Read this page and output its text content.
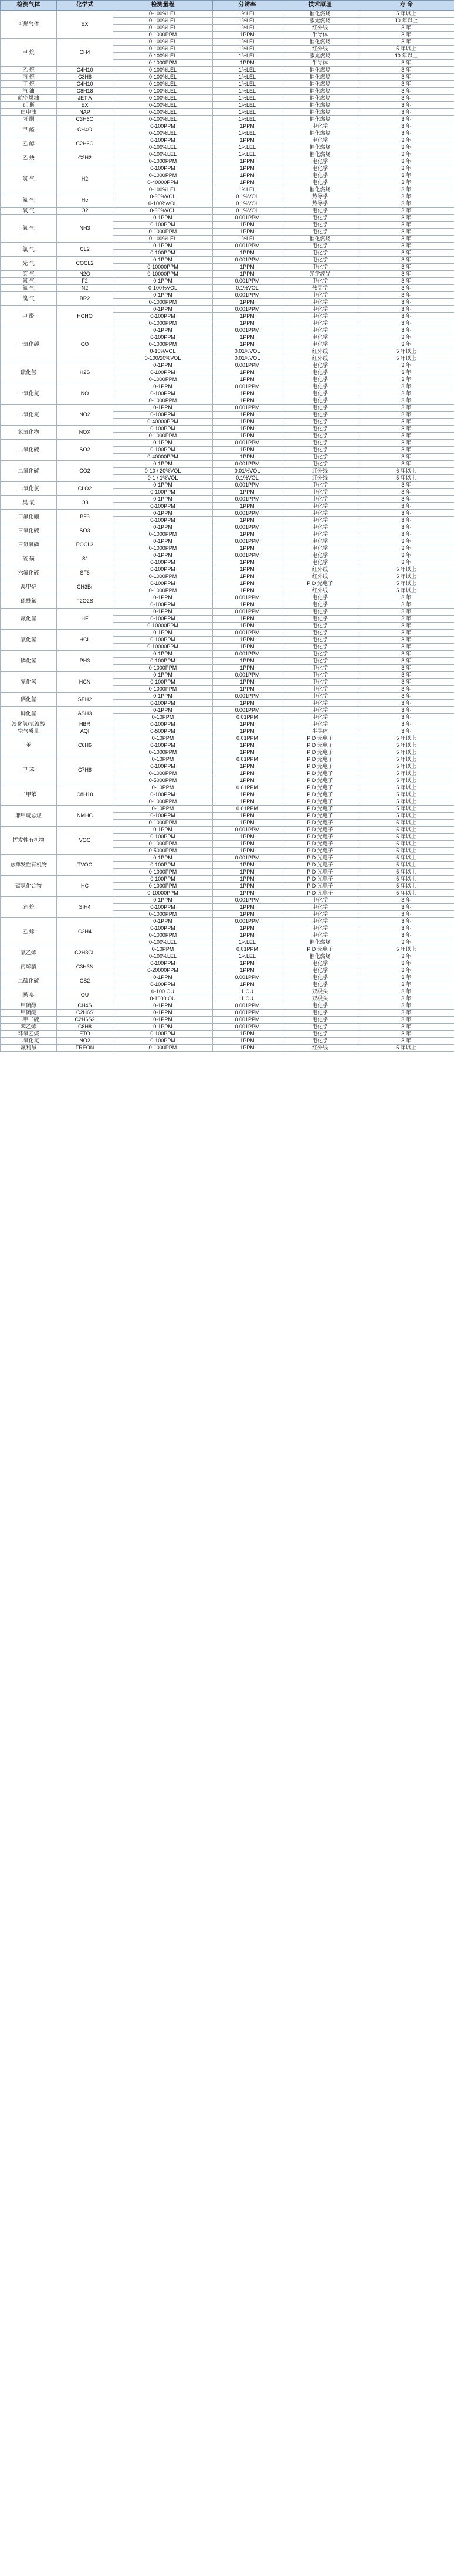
检测气体	化学式	检测量程	分辨率	技术原理	寿 命
可燃气体	EX	0-100%LEL	1%LEL	催化燃烧	5 年以上
		0-100%LEL	1%LEL	激光燃烧	10 年以上
		0-100%LEL	1%LEL	红外线	3 年
		0-1000PPM	1PPM	半导体	3 年
甲 烷	CH4	0-100%LEL	1%LEL	催化燃烧	3 年
		0-100%LEL	1%LEL	红外线	5 年以上
		0-100%LEL	1%LEL	激光燃烧	10 年以上
		0-1000PPM	1PPM	半导体	3 年
乙 烷	C4H10	0-100%LEL	1%LEL	催化燃烧	3 年
丙 烷	C3H8	0-100%LEL	1%LEL	催化燃烧	3 年
丁 烷	C4H10	0-100%LEL	1%LEL	催化燃烧	3 年
汽 油	C8H18	0-100%LEL	1%LEL	催化燃烧	3 年
航空煤油	JET A	0-100%LEL	1%LEL	催化燃烧	3 年
瓦 斯	EX	0-100%LEL	1%LEL	催化燃烧	3 年
白电油	NAP	0-100%LEL	1%LEL	催化燃烧	3 年
丙 酮	C3H6O	0-100%LEL	1%LEL	催化燃烧	3 年
甲 醛	CH4O	0-100PPM	1PPM	电化学	3 年
		0-100%LEL	1%LEL	催化燃烧	3 年
乙 醇	C2H6O	0-100PPM	1PPM	电化学	3 年
		0-100%LEL	1%LEL	催化燃烧	3 年
乙 炔	C2H2	0-100%LEL	1%LEL	催化燃烧	3 年
		0-1000PPM	1PPM	电化学	3 年
氢 气	H2	0-100PPM	1PPM	电化学	3 年
		0-1000PPM	1PPM	电化学	3 年
		0-40000PPM	1PPM	电化学	3 年
		0-100%LEL	1%LEL	催化燃烧	3 年
氦 气	He	0-30%VOL	0.1%VOL	热导学	3 年
		0-100%VOL	0.1%VOL	热导学	3 年
氧 气	O2	0-30%VOL	0.1%VOL	电化学	3 年
氨 气	NH3	0-1PPM	0.001PPM	电化学	3 年
		0-100PPM	1PPM	电化学	3 年
		0-1000PPM	1PPM	电化学	3 年
		0-100%LEL	1%LEL	催化燃烧	3 年
氯 气	CL2	0-1PPM	0.001PPM	电化学	3 年
		0-100PPM	1PPM	电化学	3 年
光 气	COCL2	0-1PPM	0.001PPM	电化学	3 年
		0-10000PPM	1PPM	电化学	3 年
笑 气	N2O	0-10000PPM	1PPM	光学波导	3 年
氟 气	F2	0-1PPM	0.001PPM	电化学	3 年
氮 气	N2	0-100%VOL	0.1%VOL	热导学	3 年
溴 气	BR2	0-1PPM	0.001PPM	电化学	3 年
		0-1000PPM	1PPM	电化学	3 年
甲 醛	HCHO	0-1PPM	0.001PPM	电化学	3 年
		0-100PPM	1PPM	电化学	3 年
		0-1000PPM	1PPM	电化学	3 年
一氧化碳	CO	0-1PPM	0.001PPM	电化学	3 年
		0-100PPM	1PPM	电化学	3 年
		0-1000PPM	1PPM	电化学	3 年
		0-10%VOL	0.01%VOL	红外线	5 年以上
		0-100/20%VOL	0.01%VOL	红外线	5 年以上
硫化氢	H2S	0-1PPM	0.001PPM	电化学	3 年
		0-100PPM	1PPM	电化学	3 年
		0-1000PPM	1PPM	电化学	3 年
一氧化氮	NO	0-1PPM	0.001PPM	电化学	3 年
		0-100PPM	1PPM	电化学	3 年
		0-1000PPM	1PPM	电化学	3 年
二氧化氮	NO2	0-1PPM	0.001PPM	电化学	3 年
		0-100PPM	1PPM	电化学	3 年
		0-40000PPM	1PPM	电化学	3 年
氮氧化物	NOX	0-100PPM	1PPM	电化学	3 年
		0-1000PPM	1PPM	电化学	3 年
二氧化硫	SO2	0-1PPM	0.001PPM	电化学	3 年
		0-100PPM	1PPM	电化学	3 年
		0-40000PPM	1PPM	电化学	3 年
二氧化碳	CO2	0-1PPM	0.001PPM	电化学	3 年
		0-10 / 20%VOL	0.01%VOL	红外线	6 年以上
		0-1 / 1%VOL	0.1%VOL	红外线	5 年以上
二氧化氯	CLO2	0-1PPM	0.001PPM	电化学	3 年
		0-100PPM	1PPM	电化学	3 年
臭 氧	O3	0-1PPM	0.001PPM	电化学	3 年
		0-100PPM	1PPM	电化学	3 年
三氟化硼	BF3	0-1PPM	0.001PPM	电化学	3 年
		0-100PPM	1PPM	电化学	3 年
三氧化硫	SO3	0-1PPM	0.001PPM	电化学	3 年
		0-1000PPM	1PPM	电化学	3 年
三氯氧磷	POCL3	0-1PPM	0.001PPM	电化学	3 年
		0-1000PPM	1PPM	电化学	3 年
硫 磺	S*	0-1PPM	0.001PPM	电化学	3 年
		0-100PPM	1PPM	电化学	3 年
六氟化硫	SF6	0-100PPM	1PPM	红外线	5 年以上
		0-1000PPM	1PPM	红外线	5 年以上
溴甲烷	CH3Br	0-100PPM	1PPM	PID 光电子	5 年以上
		0-1000PPM	1PPM	红外线	5 年以上
硫酰氟	F2O2S	0-1PPM	0.001PPM	电化学	3 年
		0-100PPM	1PPM	电化学	3 年
氟化氢	HF	0-1PPM	0.001PPM	电化学	3 年
		0-100PPM	1PPM	电化学	3 年
		0-10000PPM	1PPM	电化学	3 年
氯化氢	HCL	0-1PPM	0.001PPM	电化学	3 年
		0-100PPM	1PPM	电化学	3 年
		0-10000PPM	1PPM	电化学	3 年
磷化氢	PH3	0-1PPM	0.001PPM	电化学	3 年
		0-100PPM	1PPM	电化学	3 年
		0-1000PPM	1PPM	电化学	3 年
氰化氢	HCN	0-1PPM	0.001PPM	电化学	3 年
		0-100PPM	1PPM	电化学	3 年
		0-1000PPM	1PPM	电化学	3 年
硒化氢	SEH2	0-1PPM	0.001PPM	电化学	3 年
		0-100PPM	1PPM	电化学	3 年
砷化氢	ASH3	0-1PPM	0.001PPM	电化学	3 年
		0-10PPM	0.01PPM	电化学	3 年
溴化氢/氢溴酸	HBR	0-100PPM	1PPM	电化学	3 年
空气质量	AQI	0-500PPM	1PPM	半导体	3 年
苯	C6H6	0-10PPM	0.01PPM	PID 光电子	5 年以上
		0-100PPM	1PPM	PID 光电子	5 年以上
		0-1000PPM	1PPM	PID 光电子	5 年以上
甲 苯	C7H8	0-10PPM	0.01PPM	PID 光电子	5 年以上
		0-100PPM	1PPM	PID 光电子	5 年以上
		0-1000PPM	1PPM	PID 光电子	5 年以上
		0-5000PPM	1PPM	PID 光电子	5 年以上
二甲苯	C8H10	0-10PPM	0.01PPM	PID 光电子	5 年以上
		0-100PPM	1PPM	PID 光电子	5 年以上
		0-1000PPM	1PPM	PID 光电子	5 年以上
非甲烷总烃	NMHC	0-10PPM	0.01PPM	PID 光电子	5 年以上
		0-100PPM	1PPM	PID 光电子	5 年以上
		0-1000PPM	1PPM	PID 光电子	5 年以上
挥发性有机物	VOC	0-1PPM	0.001PPM	PID 光电子	5 年以上
		0-100PPM	1PPM	PID 光电子	5 年以上
		0-1000PPM	1PPM	PID 光电子	5 年以上
		0-5000PPM	1PPM	PID 光电子	5 年以上
总挥发性有机物	TVOC	0-1PPM	0.001PPM	PID 光电子	5 年以上
		0-100PPM	1PPM	PID 光电子	5 年以上
		0-1000PPM	1PPM	PID 光电子	5 年以上
碳氢化合物	HC	0-100PPM	1PPM	PID 光电子	5 年以上
		0-1000PPM	1PPM	PID 光电子	5 年以上
		0-10000PPM	1PPM	PID 光电子	5 年以上
硅 烷	SIH4	0-1PPM	0.001PPM	电化学	3 年
		0-100PPM	1PPM	电化学	3 年
		0-1000PPM	1PPM	电化学	3 年
乙 烯	C2H4	0-1PPM	0.001PPM	电化学	3 年
		0-100PPM	1PPM	电化学	3 年
		0-1000PPM	1PPM	电化学	3 年
		0-100%LEL	1%LEL	催化燃烧	3 年
氯乙烯	C2H3CL	0-10PPM	0.01PPM	PID 光电子	5 年以上
		0-100%LEL	1%LEL	催化燃烧	3 年
丙烯腈	C3H3N	0-100PPM	1PPM	电化学	3 年
		0-20000PPM	1PPM	电化学	3 年
二硫化碳	CS2	0-1PPM	0.001PPM	电化学	3 年
		0-100PPM	1PPM	电化学	3 年
恶 臭	OU	0-100 OU	1 OU	双极头	3 年
		0-1000 OU	1 OU	双极头	3 年
甲硫醇	CH4S	0-1PPM	0.001PPM	电化学	3 年
甲硫醚	C2H6S	0-1PPM	0.001PPM	电化学	3 年
二甲二硫	C2H6S2	0-1PPM	0.001PPM	电化学	3 年
苯乙烯	C8H8	0-1PPM	0.001PPM	电化学	3 年
环氧乙烷	ETO	0-100PPM	1PPM	电化学	3 年
二氧化氮	NO2	0-100PPM	1PPM	电化学	3 年
氟利昂	FREON	0-1000PPM	1PPM	红外线	5 年以上
